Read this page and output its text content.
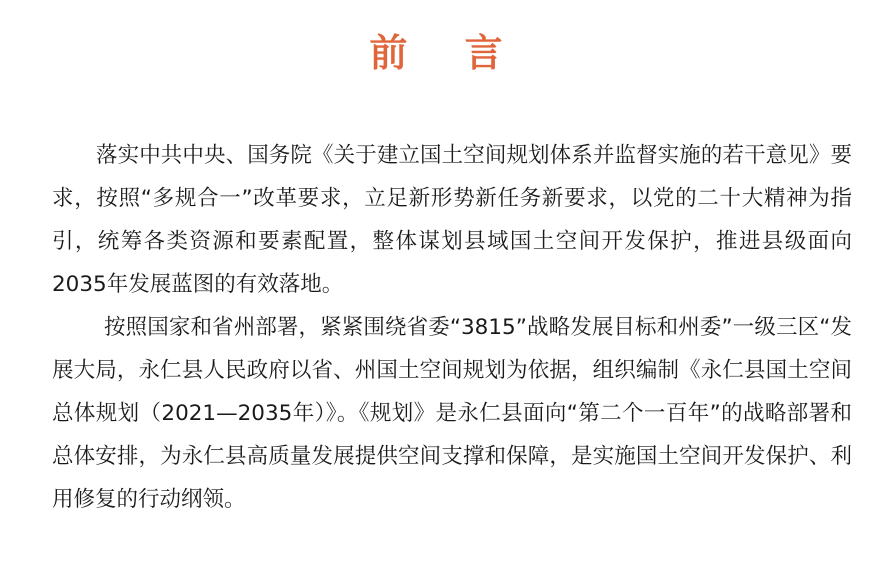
前 言

落实中共中央、国务院《关于建立国土空间规划体系并监督实施的若干意见》要求，按照“多规合一”改革要求，立足新形势新任务新要求，以党的二十大精神为指引，统筹各类资源和要素配置，整体谋划县域国土空间开发保护，推进县级面向2035年发展蓝图的有效落地。

按照国家和省州部署，紧紧围绕省委“3815”战略发展目标和州委”一级三区“发展大局，永仁县人民政府以省、州国土空间规划为依据，组织编制《永仁县国土空间总体规划（2021—2035年）》。《规划》是永仁县面向“第二个一百年”的战略部署和总体安排，为永仁县高质量发展提供空间支撑和保障，是实施国土空间开发保护、利用修复的行动纲领。
